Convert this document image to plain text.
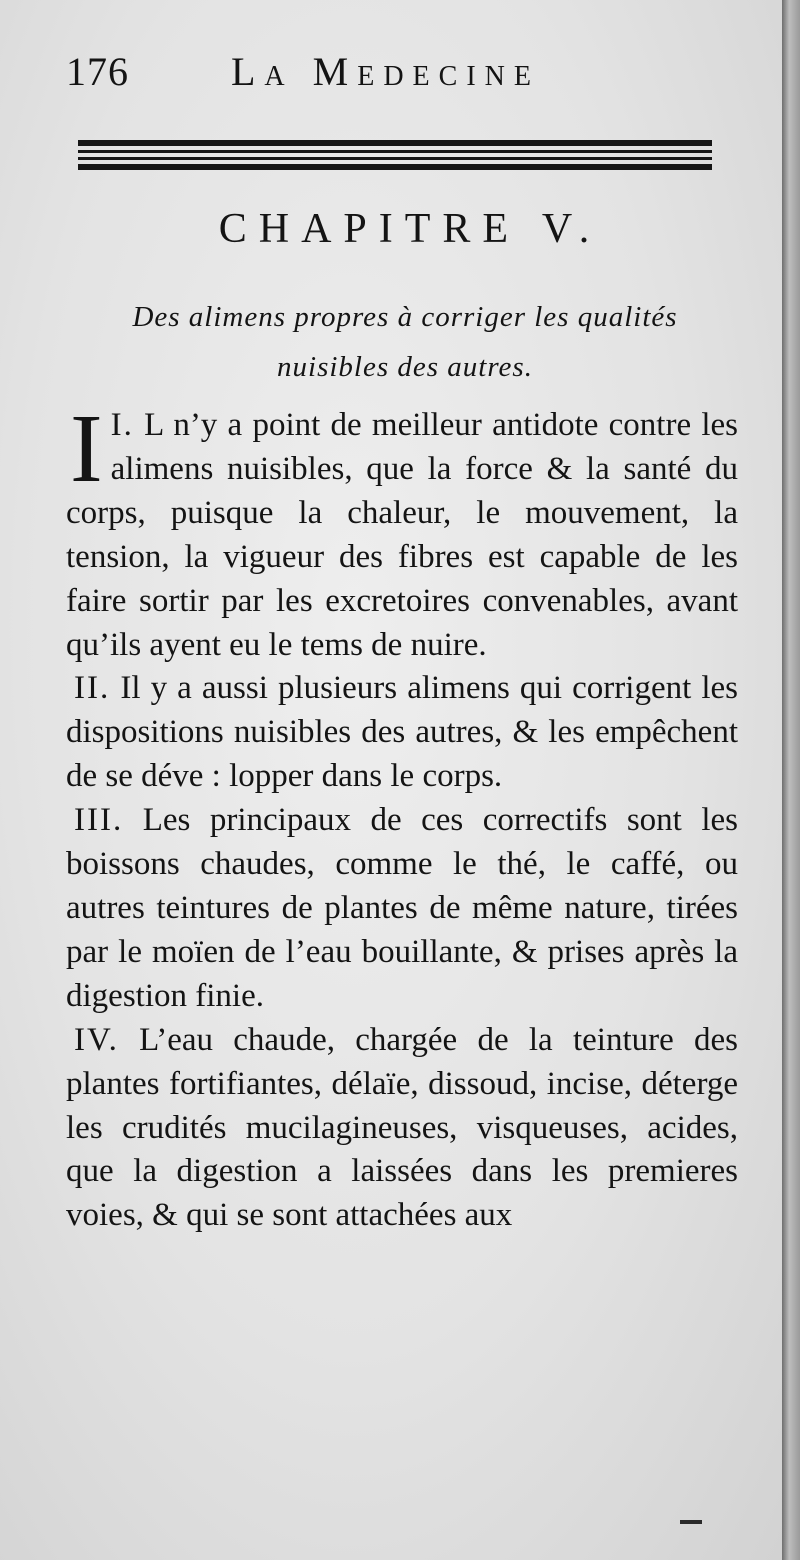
176	La Medecine
CHAPITRE V.
Des alimens propres à corriger les qualités
nuisibles des autres.

I.
I L n’y a point de meilleur antidote contre les alimens nuisibles, que la force & la santé du corps, puisque la chaleur, le mouvement, la tension, la vigueur des fibres est capable de les faire sortir par les excretoires convenables, avant qu’ils ayent eu le tems de nuire.

II. Il y a aussi plusieurs alimens qui corrigent les dispositions nuisibles des autres, & les empêchent de se déve : lopper dans le corps.

III. Les principaux de ces correctifs sont les boissons chaudes, comme le thé, le caffé, ou autres teintures de plantes de même nature, tirées par le moïen de l’eau bouillante, & prises après la digestion finie.

IV. L’eau chaude, chargée de la teinture des plantes fortifiantes, délaïe, dissoud, incise, déterge les crudités mucilagineuses, visqueuses, acides, que la digestion a laissées dans les premieres voies, & qui se sont attachées aux
